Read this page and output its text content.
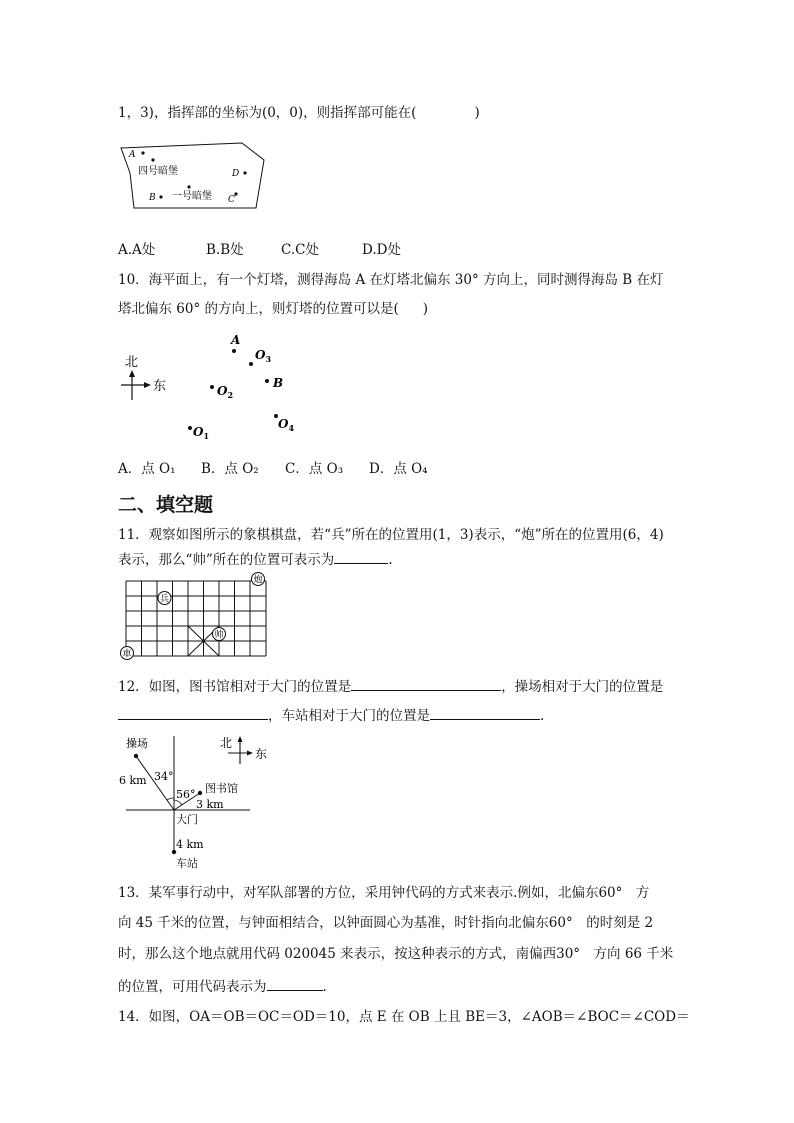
1，3)，指挥部的坐标为(0，0)，则指挥部可能在(	)
A
四号暗堡	D
B 一号暗堡 C
A.A处	B.B处	C.C处	D.D处
10．海平面上，有一个灯塔，测得海岛 A 在灯塔北偏东 30° 方向上，同时测得海岛 B 在灯
塔北偏东 60° 的方向上，则灯塔的位置可以是( )
北
东
A
$O_3$
$O_2$
B
$O_4$
$O_1$
A．点 O₁ B．点 O₂ C．点 O₃ D．点 O₄
二、填空题
11．观察如图所示的象棋棋盘，若“兵”所在的位置用(1，3)表示，“炮”所在的位置用(6，4)
表示，那么“帅”所在的位置可表示为	.
兵
炮
帅
車
12．如图，图书馆相对于大门的位置是	，操场相对于大门的位置是
，车站相对于大门的位置是	.
操场
6 km 34°
56° 图书馆
3 km
大门
4 km
车站
北
东
13．某军事行动中，对军队部署的方位，采用钟代码的方式来表示.例如，北偏东60°　方
向 45 千米的位置，与钟面相结合，以钟面圆心为基准，时针指向北偏东60°　的时刻是 2
时，那么这个地点就用代码 020045 来表示，按这种表示的方式，南偏西30°　方向 66 千米
的位置，可用代码表示为	.
14．如图，OA＝OB＝OC＝OD＝10，点 E 在 OB 上且 BE＝3，∠AOB＝∠BOC＝∠COD＝
